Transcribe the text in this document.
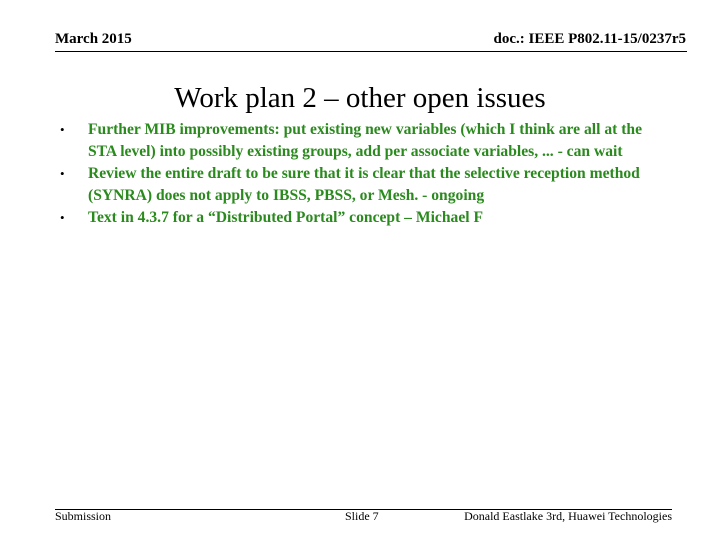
March 2015	doc.: IEEE P802.11-15/0237r5
Work plan 2 – other open issues
•	Further MIB improvements: put existing new variables (which I think are all at the STA level) into possibly existing groups, add per associate variables, ... - can wait
•	Review the entire draft to be sure that it is clear that the selective reception method (SYNRA) does not apply to IBSS, PBSS, or Mesh. - ongoing
•	Text in 4.3.7 for a “Distributed Portal” concept – Michael F
Submission	Slide 7	Donald Eastlake 3rd, Huawei Technologies
